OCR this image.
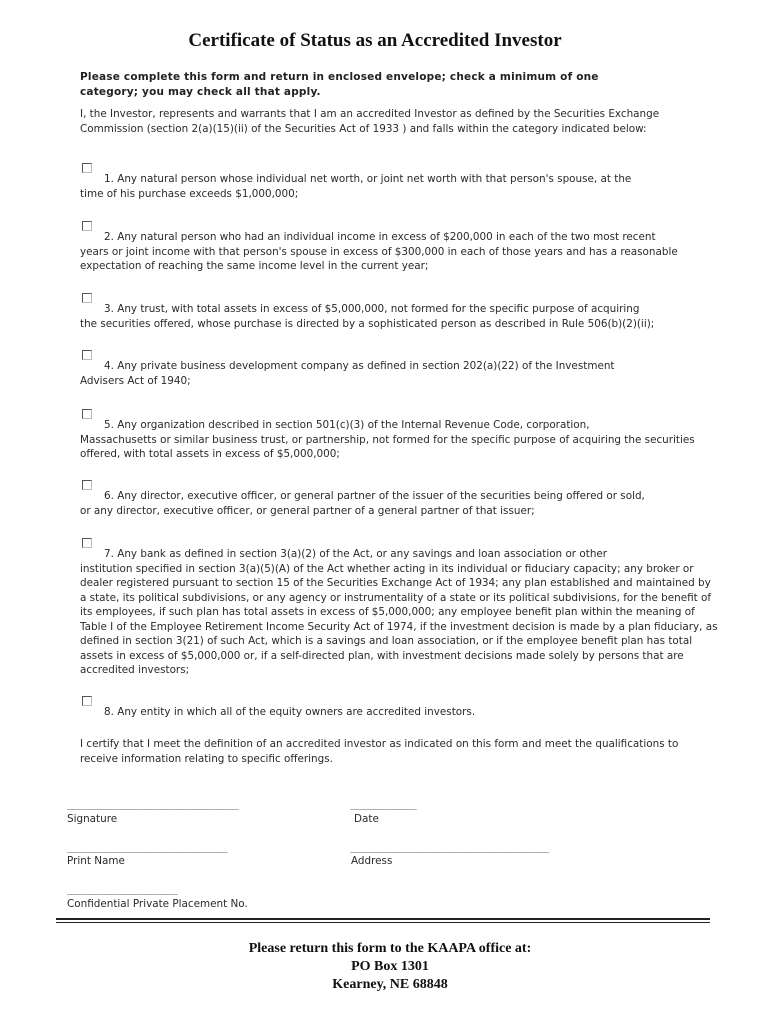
Certificate of Status as an Accredited Investor
Please complete this form and return in enclosed envelope; check a minimum of one category; you may check all that apply.
I, the Investor, represents and warrants that I am an accredited Investor as defined by the Securities Exchange Commission (section 2(a)(15)(ii) of the Securities Act of 1933 ) and falls within the category indicated below:
1. Any natural person whose individual net worth, or joint net worth with that person's spouse, at the
time of his purchase exceeds $1,000,000;
2. Any natural person who had an individual income in excess of $200,000 in each of the two most recent
years or joint income with that person's spouse in excess of $300,000 in each of those years and has a reasonable expectation of reaching the same income level in the current year;
3. Any trust, with total assets in excess of $5,000,000, not formed for the specific purpose of acquiring
the securities offered, whose purchase is directed by a sophisticated person as described in Rule 506(b)(2)(ii);
4. Any private business development company as defined in section 202(a)(22) of the Investment
Advisers Act of 1940;
5. Any organization described in section 501(c)(3) of the Internal Revenue Code, corporation,
Massachusetts or similar business trust, or partnership, not formed for the specific purpose of acquiring the securities offered, with total assets in excess of $5,000,000;
6. Any director, executive officer, or general partner of the issuer of the securities being offered or sold,
or any director, executive officer, or general partner of a general partner of that issuer;
7. Any bank as defined in section 3(a)(2) of the Act, or any savings and loan association or other
institution specified in section 3(a)(5)(A) of the Act whether acting in its individual or fiduciary capacity; any broker or dealer registered pursuant to section 15 of the Securities Exchange Act of 1934; any plan established and maintained by a state, its political subdivisions, or any agency or instrumentality of a state or its political subdivisions, for the benefit of its employees, if such plan has total assets in excess of $5,000,000; any employee benefit plan within the meaning of Table I of the Employee Retirement Income Security Act of 1974, if the investment decision is made by a plan fiduciary, as defined in section 3(21) of such Act, which is a savings and loan association, or if the employee benefit plan has total assets in excess of $5,000,000 or, if a self-directed plan, with investment decisions made solely by persons that are accredited investors;
8. Any entity in which all of the equity owners are accredited investors.
I certify that I meet the definition of an accredited investor as indicated on this form and meet the qualifications to receive information relating to specific offerings.
_______________________________
Signature
____________
Date
_____________________________
Print Name
____________________________________
Address
____________________
Confidential Private Placement No.
Please return this form to the KAAPA office at:
PO Box 1301
Kearney, NE 68848
